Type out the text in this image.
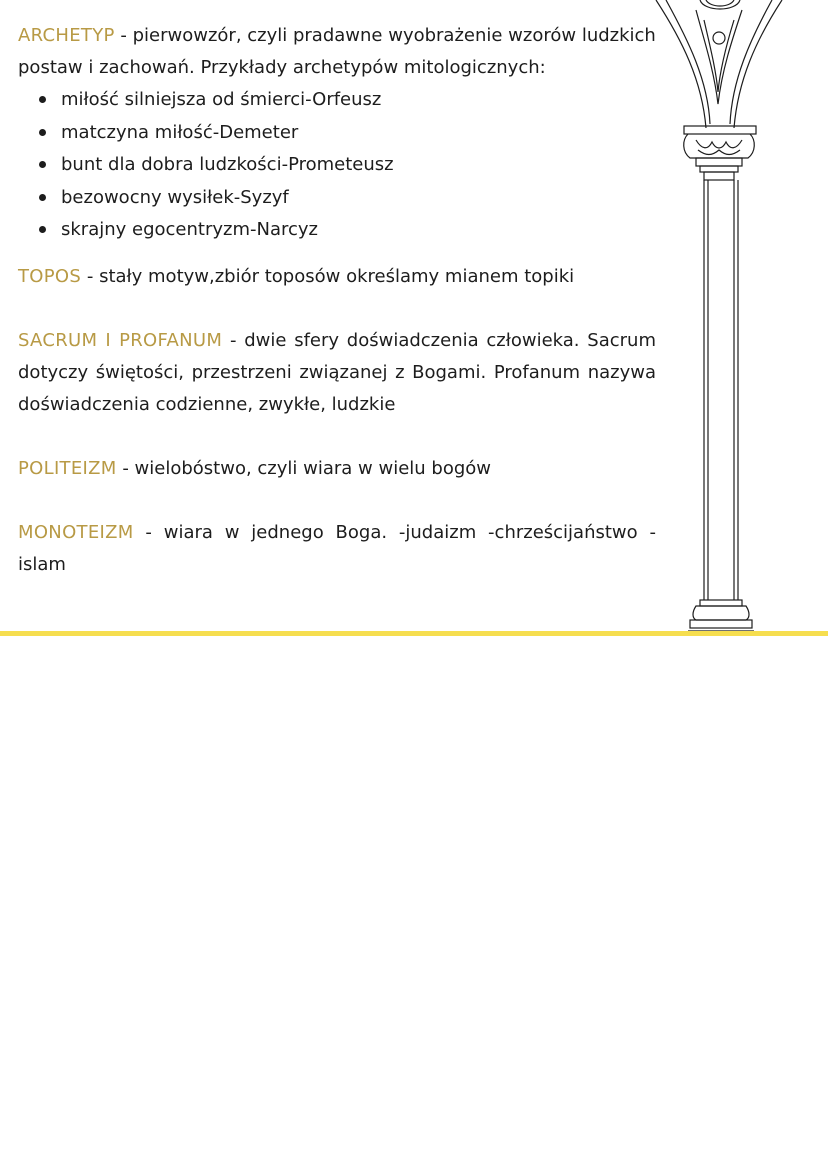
ARCHETYP - pierwowzór, czyli pradawne wyobrażenie wzorów ludzkich postaw i zachowań. Przykłady archetypów mitologicznych:

miłość silniejsza od śmierci-Orfeusz
matczyna miłość-Demeter
bunt dla dobra ludzkości-Prometeusz
bezowocny wysiłek-Syzyf
skrajny egocentryzm-Narcyz

TOPOS - stały motyw,zbiór toposów określamy mianem topiki

SACRUM I PROFANUM - dwie sfery doświadczenia człowieka. Sacrum dotyczy świętości, przestrzeni związanej z Bogami. Profanum nazywa doświadczenia codzienne, zwykłe, ludzkie

POLITEIZM - wielobóstwo, czyli wiara w wielu bogów

MONOTEIZM - wiara w jednego Boga. -judaizm -chrześcijaństwo - islam
